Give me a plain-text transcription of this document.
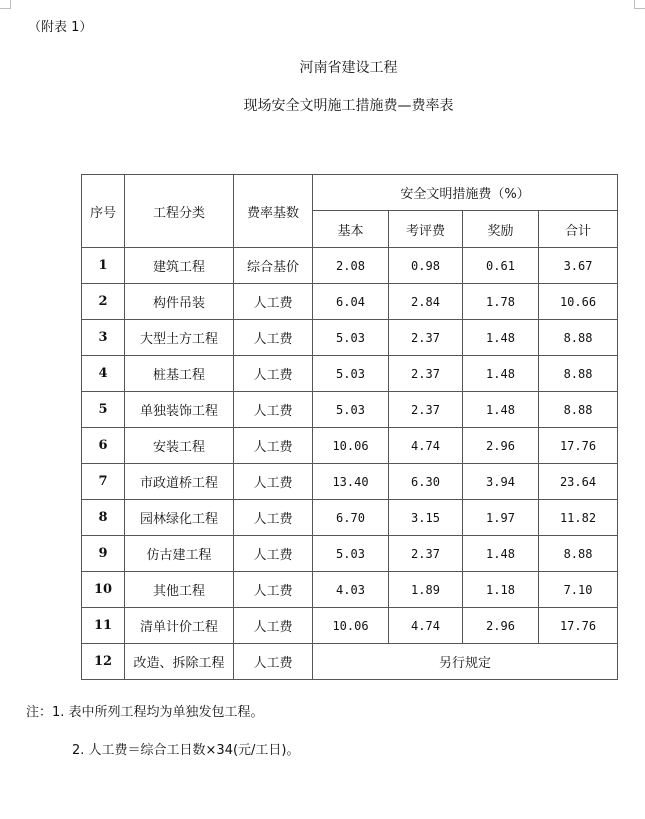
（附表 1）
河南省建设工程
现场安全文明施工措施费—费率表
序号	工程分类	费率基数	安全文明措施费（%）			
			基本	考评费	奖励	合计
1	建筑工程	综合基价	2.08	0.98	0.61	3.67
2	构件吊装	人工费	6.04	2.84	1.78	10.66
3	大型土方工程	人工费	5.03	2.37	1.48	8.88
4	桩基工程	人工费	5.03	2.37	1.48	8.88
5	单独装饰工程	人工费	5.03	2.37	1.48	8.88
6	安装工程	人工费	10.06	4.74	2.96	17.76
7	市政道桥工程	人工费	13.40	6.30	3.94	23.64
8	园林绿化工程	人工费	6.70	3.15	1.97	11.82
9	仿古建工程	人工费	5.03	2.37	1.48	8.88
10	其他工程	人工费	4.03	1.89	1.18	7.10
11	清单计价工程	人工费	10.06	4.74	2.96	17.76
12	改造、拆除工程	人工费	另行规定			
注：1. 表中所列工程均为单独发包工程。
2. 人工费＝综合工日数×34(元/工日)。
